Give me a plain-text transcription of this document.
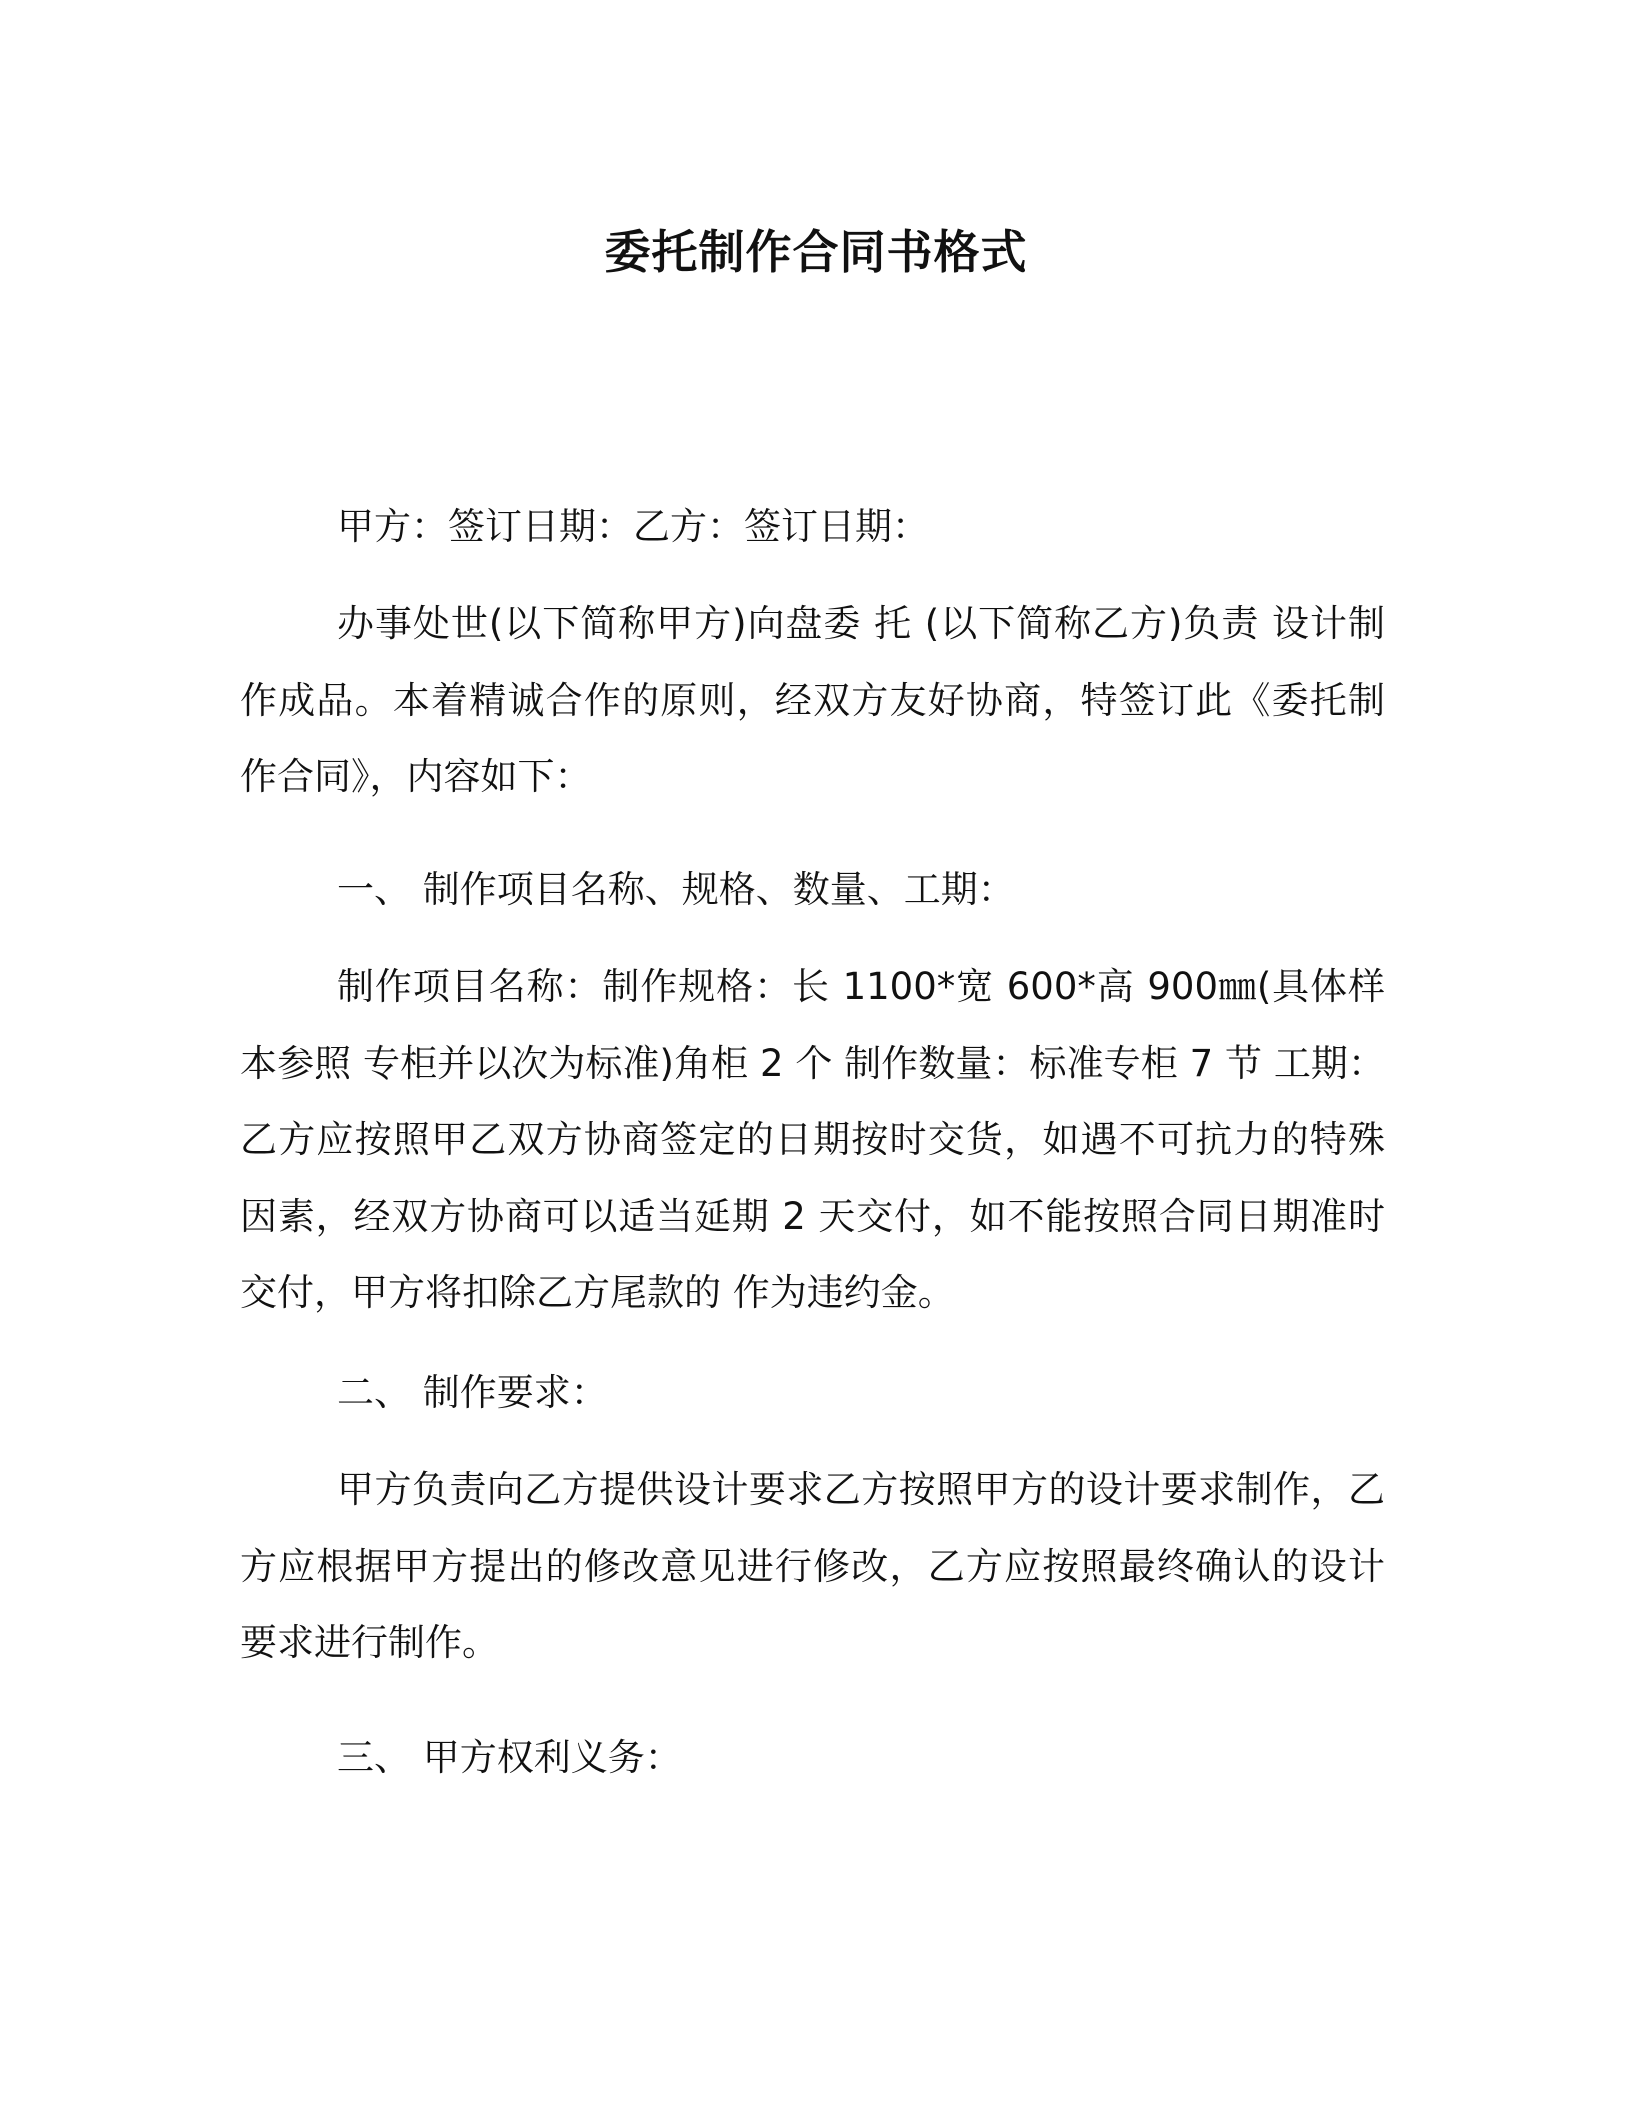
委托制作合同书格式

甲方：签订日期：乙方：签订日期：

办事处世(以下简称甲方)向盘委 托 (以下简称乙方)负责 设计制作成品。本着精诚合作的原则，经双方友好协商，特签订此《委托制作合同》，内容如下：

一、 制作项目名称、规格、数量、工期：

制作项目名称：制作规格：长 1100*宽 600*高 900㎜(具体样本参照 专柜并以次为标准)角柜 2 个 制作数量：标准专柜 7 节 工期： 乙方应按照甲乙双方协商签定的日期按时交货，如遇不可抗力的特殊因素，经双方协商可以适当延期 2 天交付，如不能按照合同日期准时交付，甲方将扣除乙方尾款的 作为违约金。

二、 制作要求：

甲方负责向乙方提供设计要求乙方按照甲方的设计要求制作，乙方应根据甲方提出的修改意见进行修改，乙方应按照最终确认的设计要求进行制作。

三、 甲方权利义务：
